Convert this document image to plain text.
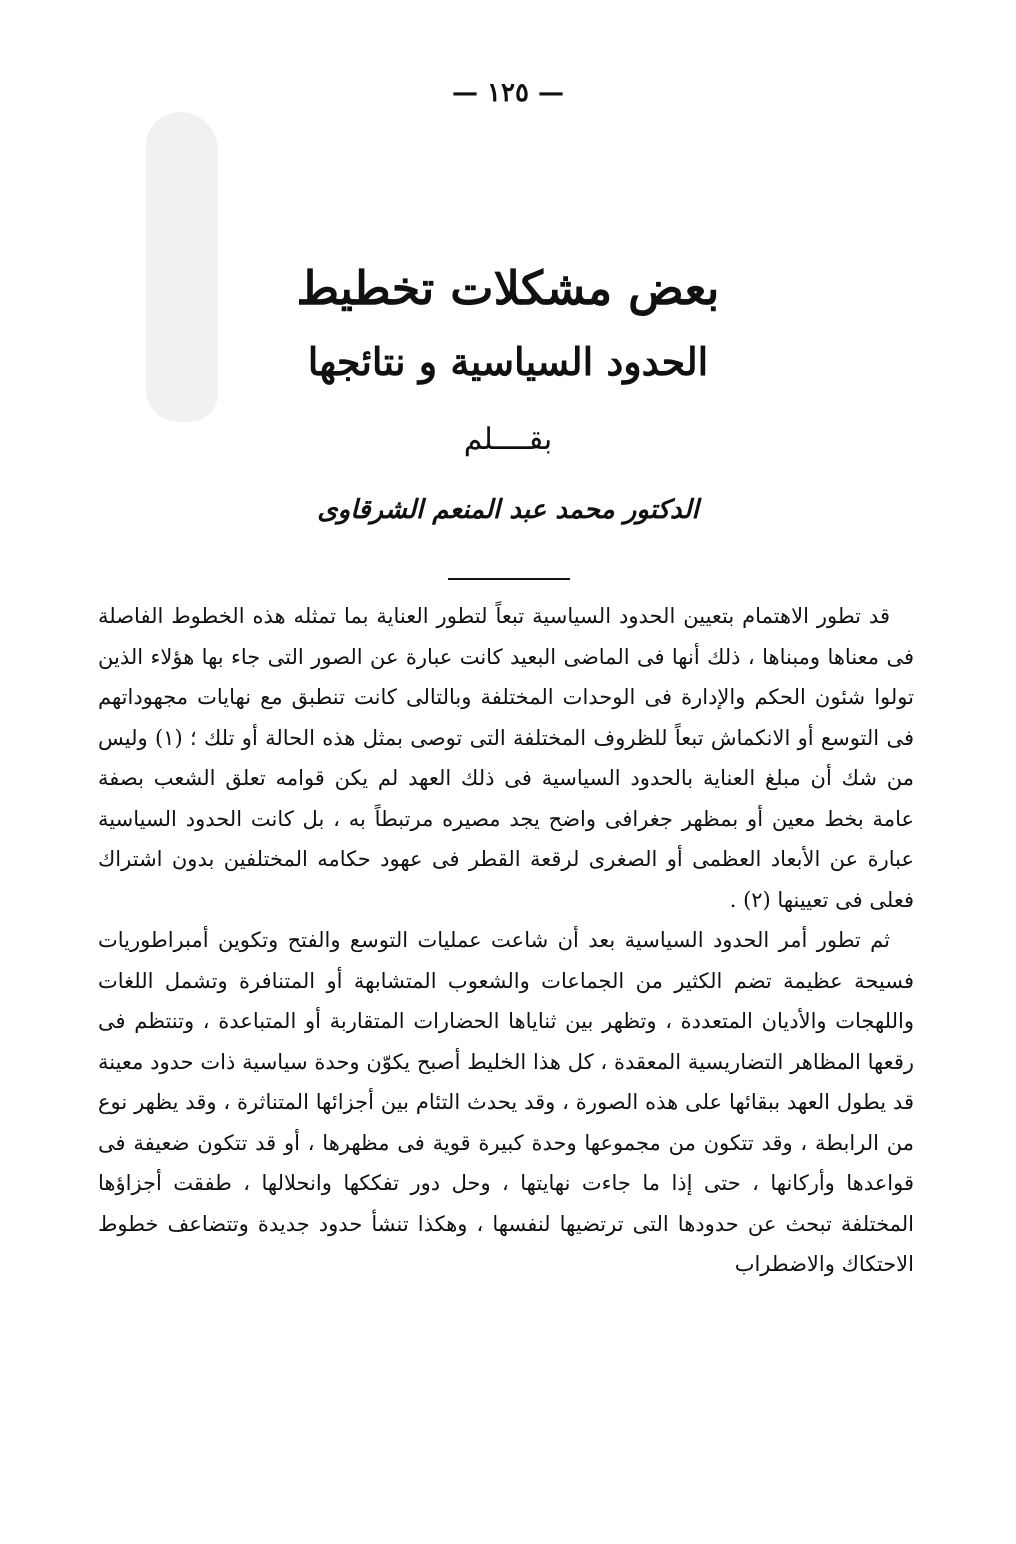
— ١٢٥ —
بعض مشكلات تخطيط
الحدود السياسية و نتائجها
بقــــلم
الدكتور محمد عبد المنعم الشرقاوى

قد تطور الاهتمام بتعيين الحدود السياسية تبعاً لتطور العناية بما تمثله هذه الخطوط الفاصلة فى معناها ومبناها ، ذلك أنها فى الماضى البعيد كانت عبارة عن الصور التى جاء بها هؤلاء الذين تولوا شئون الحكم والإدارة فى الوحدات المختلفة وبالتالى كانت تنطبق مع نهايات مجهوداتهم فى التوسع أو الانكماش تبعاً للظروف المختلفة التى توصى بمثل هذه الحالة أو تلك ؛ (١) وليس من شك أن مبلغ العناية بالحدود السياسية فى ذلك العهد لم يكن قوامه تعلق الشعب بصفة عامة بخط معين أو بمظهر جغرافى واضح يجد مصيره مرتبطاً به ، بل كانت الحدود السياسية عبارة عن الأبعاد العظمى أو الصغرى لرقعة القطر فى عهود حكامه المختلفين بدون اشتراك فعلى فى تعيينها (٢) .

ثم تطور أمر الحدود السياسية بعد أن شاعت عمليات التوسع والفتح وتكوين أمبراطوريات فسيحة عظيمة تضم الكثير من الجماعات والشعوب المتشابهة أو المتنافرة وتشمل اللغات واللهجات والأديان المتعددة ، وتظهر بين ثناياها الحضارات المتقاربة أو المتباعدة ، وتنتظم فى رقعها المظاهر التضاريسية المعقدة ، كل هذا الخليط أصبح يكوّن وحدة سياسية ذات حدود معينة قد يطول العهد ببقائها على هذه الصورة ، وقد يحدث التئام بين أجزائها المتناثرة ، وقد يظهر نوع من الرابطة ، وقد تتكون من مجموعها وحدة كبيرة قوية فى مظهرها ، أو قد تتكون ضعيفة فى قواعدها وأركانها ، حتى إذا ما جاءت نهايتها ، وحل دور تفككها وانحلالها ، طفقت أجزاؤها المختلفة تبحث عن حدودها التى ترتضيها لنفسها ، وهكذا تنشأ حدود جديدة وتتضاعف خطوط الاحتكاك والاضطراب
